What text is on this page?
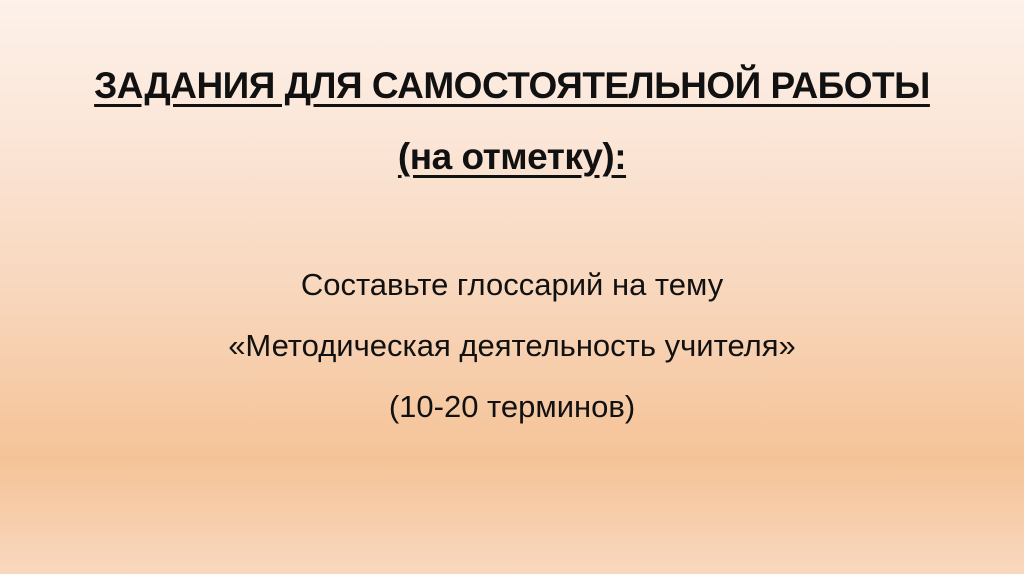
ЗАДАНИЯ ДЛЯ САМОСТОЯТЕЛЬНОЙ РАБОТЫ
(на отметку):
Составьте глоссарий на тему
«Методическая деятельность учителя»
(10-20 терминов)
